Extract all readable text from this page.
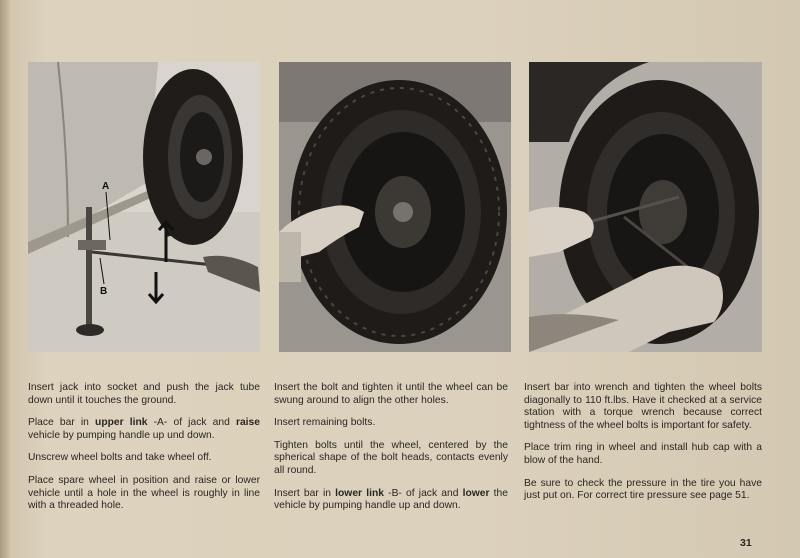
A
B

Insert jack into socket and push the jack tube down until it touches the ground.

Place bar in upper link -A- of jack and raise vehicle by pumping handle up und down.

Unscrew wheel bolts and take wheel off.

Place spare wheel in position and raise or lower vehicle until a hole in the wheel is roughly in line with a threaded hole.

Insert the bolt and tighten it until the wheel can be swung around to align the other holes.

Insert remaining bolts.

Tighten bolts until the wheel, centered by the spherical shape of the bolt heads, contacts evenly all round.

Insert bar in lower link -B- of jack and lower the vehicle by pumping handle up and down.

Insert bar into wrench and tighten the wheel bolts diagonally to 110 ft.lbs. Have it checked at a service station with a torque wrench because correct tightness of the wheel bolts is important for safety.

Place trim ring in wheel and install hub cap with a blow of the hand.

Be sure to check the pressure in the tire you have just put on. For correct tire pressure see page 51.

31
